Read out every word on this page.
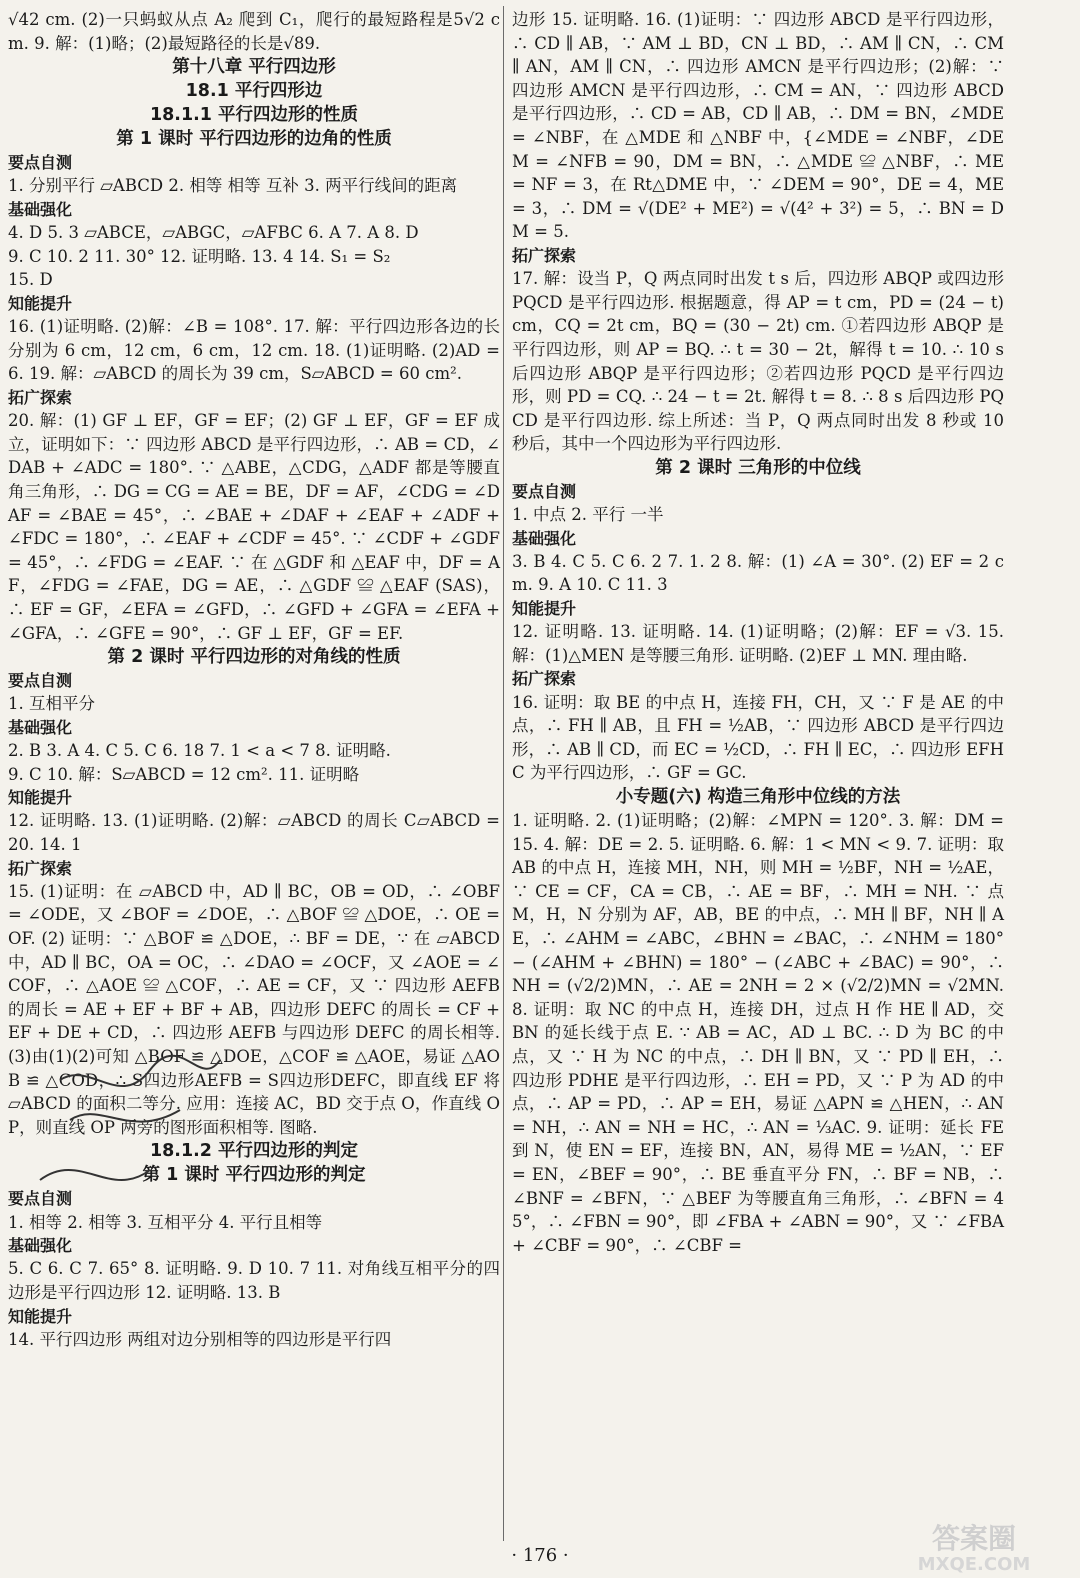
√42 cm. (2)一只蚂蚁从点 A₂ 爬到 C₁，爬行的最短路程是5√2 cm. 9. 解：(1)略；(2)最短路径的长是√89.

第十八章 平行四边形
18.1 平行四形边
18.1.1 平行四边形的性质
第 1 课时 平行四边形的边角的性质
要点自测

1. 分别平行 ▱ABCD 2. 相等 相等 互补 3. 两平行线间的距离

基础强化

4. D 5. 3 ▱ABCE，▱ABGC，▱AFBC 6. A 7. A 8. D

9. C 10. 2 11. 30° 12. 证明略. 13. 4 14. S₁ = S₂

15. D

知能提升

16. (1)证明略. (2)解：∠B = 108°. 17. 解：平行四边形各边的长分别为 6 cm，12 cm，6 cm，12 cm. 18. (1)证明略. (2)AD = 6. 19. 解：▱ABCD 的周长为 39 cm，S▱ABCD = 60 cm².

拓广探索

20. 解：(1) GF ⊥ EF，GF = EF；(2) GF ⊥ EF，GF = EF 成立，证明如下：∵ 四边形 ABCD 是平行四边形，∴ AB = CD，∠DAB + ∠ADC = 180°. ∵ △ABE，△CDG，△ADF 都是等腰直角三角形，∴ DG = CG = AE = BE，DF = AF，∠CDG = ∠DAF = ∠BAE = 45°，∴ ∠BAE + ∠DAF + ∠EAF + ∠ADF + ∠FDC = 180°，∴ ∠EAF + ∠CDF = 45°. ∵ ∠CDF + ∠GDF = 45°，∴ ∠FDG = ∠EAF. ∵ 在 △GDF 和 △EAF 中，DF = AF，∠FDG = ∠FAE，DG = AE，∴ △GDF ≌ △EAF (SAS)，∴ EF = GF，∠EFA = ∠GFD，∴ ∠GFD + ∠GFA = ∠EFA + ∠GFA，∴ ∠GFE = 90°，∴ GF ⊥ EF，GF = EF.

第 2 课时 平行四边形的对角线的性质
要点自测

1. 互相平分

基础强化

2. B 3. A 4. C 5. C 6. 18 7. 1 < a < 7 8. 证明略.

9. C 10. 解：S▱ABCD = 12 cm². 11. 证明略

知能提升

12. 证明略. 13. (1)证明略. (2)解：▱ABCD 的周长 C▱ABCD = 20. 14. 1

拓广探索

15. (1)证明：在 ▱ABCD 中，AD ∥ BC，OB = OD，∴ ∠OBF = ∠ODE，又 ∠BOF = ∠DOE，∴ △BOF ≌ △DOE，∴ OE = OF. (2) 证明：∵ △BOF ≌ △DOE，∴ BF = DE，∵ 在 ▱ABCD 中，AD ∥ BC，OA = OC，∴ ∠DAO = ∠OCF，又 ∠AOE = ∠COF，∴ △AOE ≌ △COF，∴ AE = CF，又 ∵ 四边形 AEFB 的周长 = AE + EF + BF + AB，四边形 DEFC 的周长 = CF + EF + DE + CD，∴ 四边形 AEFB 与四边形 DEFC 的周长相等. (3)由(1)(2)可知 △BOF ≌ △DOE，△COF ≌ △AOE，易证 △AOB ≌ △COD，∴ S四边形AEFB = S四边形DEFC，即直线 EF 将 ▱ABCD 的面积二等分. 应用：连接 AC，BD 交于点 O，作直线 OP，则直线 OP 两旁的图形面积相等. 图略.

18.1.2 平行四边形的判定
第 1 课时 平行四边形的判定
要点自测

1. 相等 2. 相等 3. 互相平分 4. 平行且相等

基础强化

5. C 6. C 7. 65° 8. 证明略. 9. D 10. 7 11. 对角线互相平分的四边形是平行四边形 12. 证明略. 13. B

知能提升

14. 平行四边形 两组对边分别相等的四边形是平行四

边形 15. 证明略. 16. (1)证明：∵ 四边形 ABCD 是平行四边形，∴ CD ∥ AB，∵ AM ⊥ BD，CN ⊥ BD，∴ AM ∥ CN，∴ CM ∥ AN，AM ∥ CN，∴ 四边形 AMCN 是平行四边形；(2)解：∵ 四边形 AMCN 是平行四边形，∴ CM = AN，∵ 四边形 ABCD 是平行四边形，∴ CD = AB，CD ∥ AB，∴ DM = BN，∠MDE = ∠NBF，在 △MDE 和 △NBF 中，{∠MDE = ∠NBF，∠DEM = ∠NFB = 90，DM = BN，∴ △MDE ≌ △NBF，∴ ME = NF = 3，在 Rt△DME 中，∵ ∠DEM = 90°，DE = 4，ME = 3，∴ DM = √(DE² + ME²) = √(4² + 3²) = 5，∴ BN = DM = 5.

拓广探索

17. 解：设当 P，Q 两点同时出发 t s 后，四边形 ABQP 或四边形 PQCD 是平行四边形. 根据题意，得 AP = t cm，PD = (24 − t) cm，CQ = 2t cm，BQ = (30 − 2t) cm. ①若四边形 ABQP 是平行四边形，则 AP = BQ. ∴ t = 30 − 2t，解得 t = 10. ∴ 10 s 后四边形 ABQP 是平行四边形；②若四边形 PQCD 是平行四边形，则 PD = CQ. ∴ 24 − t = 2t. 解得 t = 8. ∴ 8 s 后四边形 PQCD 是平行四边形. 综上所述：当 P，Q 两点同时出发 8 秒或 10 秒后，其中一个四边形为平行四边形.

第 2 课时 三角形的中位线
要点自测

1. 中点 2. 平行 一半

基础强化

3. B 4. C 5. C 6. 2 7. 1. 2 8. 解：(1) ∠A = 30°. (2) EF = 2 cm. 9. A 10. C 11. 3

知能提升

12. 证明略. 13. 证明略. 14. (1)证明略；(2)解：EF = √3. 15. 解：(1)△MEN 是等腰三角形. 证明略. (2)EF ⊥ MN. 理由略.

拓广探索

16. 证明：取 BE 的中点 H，连接 FH，CH，又 ∵ F 是 AE 的中点，∴ FH ∥ AB，且 FH = ½AB，∵ 四边形 ABCD 是平行四边形，∴ AB ∥ CD，而 EC = ½CD，∴ FH ∥ EC，∴ 四边形 EFHC 为平行四边形，∴ GF = GC.

小专题(六) 构造三角形中位线的方法

1. 证明略. 2. (1)证明略；(2)解：∠MPN = 120°. 3. 解：DM = 15. 4. 解：DE = 2. 5. 证明略. 6. 解：1 < MN < 9. 7. 证明：取 AB 的中点 H，连接 MH，NH，则 MH = ½BF，NH = ½AE，∵ CE = CF，CA = CB，∴ AE = BF，∴ MH = NH. ∵ 点 M，H，N 分别为 AF，AB，BE 的中点，∴ MH ∥ BF，NH ∥ AE，∴ ∠AHM = ∠ABC，∠BHN = ∠BAC，∴ ∠NHM = 180° − (∠AHM + ∠BHN) = 180° − (∠ABC + ∠BAC) = 90°，∴ NH = (√2/2)MN，∴ AE = 2NH = 2 × (√2/2)MN = √2MN. 8. 证明：取 NC 的中点 H，连接 DH，过点 H 作 HE ∥ AD，交 BN 的延长线于点 E. ∵ AB = AC，AD ⊥ BC. ∴ D 为 BC 的中点，又 ∵ H 为 NC 的中点，∴ DH ∥ BN，又 ∵ PD ∥ EH，∴ 四边形 PDHE 是平行四边形，∴ EH = PD，又 ∵ P 为 AD 的中点，∴ AP = PD，∴ AP = EH，易证 △APN ≌ △HEN，∴ AN = NH，∴ AN = NH = HC，∴ AN = ⅓AC. 9. 证明：延长 FE 到 N，使 EN = EF，连接 BN，AN，易得 ME = ½AN，∵ EF = EN，∠BEF = 90°，∴ BE 垂直平分 FN，∴ BF = NB，∴ ∠BNF = ∠BFN，∵ △BEF 为等腰直角三角形，∴ ∠BFN = 45°，∴ ∠FBN = 90°，即 ∠FBA + ∠ABN = 90°，又 ∵ ∠FBA + ∠CBF = 90°，∴ ∠CBF =

· 176 ·
答案圈
MXQE.COM
